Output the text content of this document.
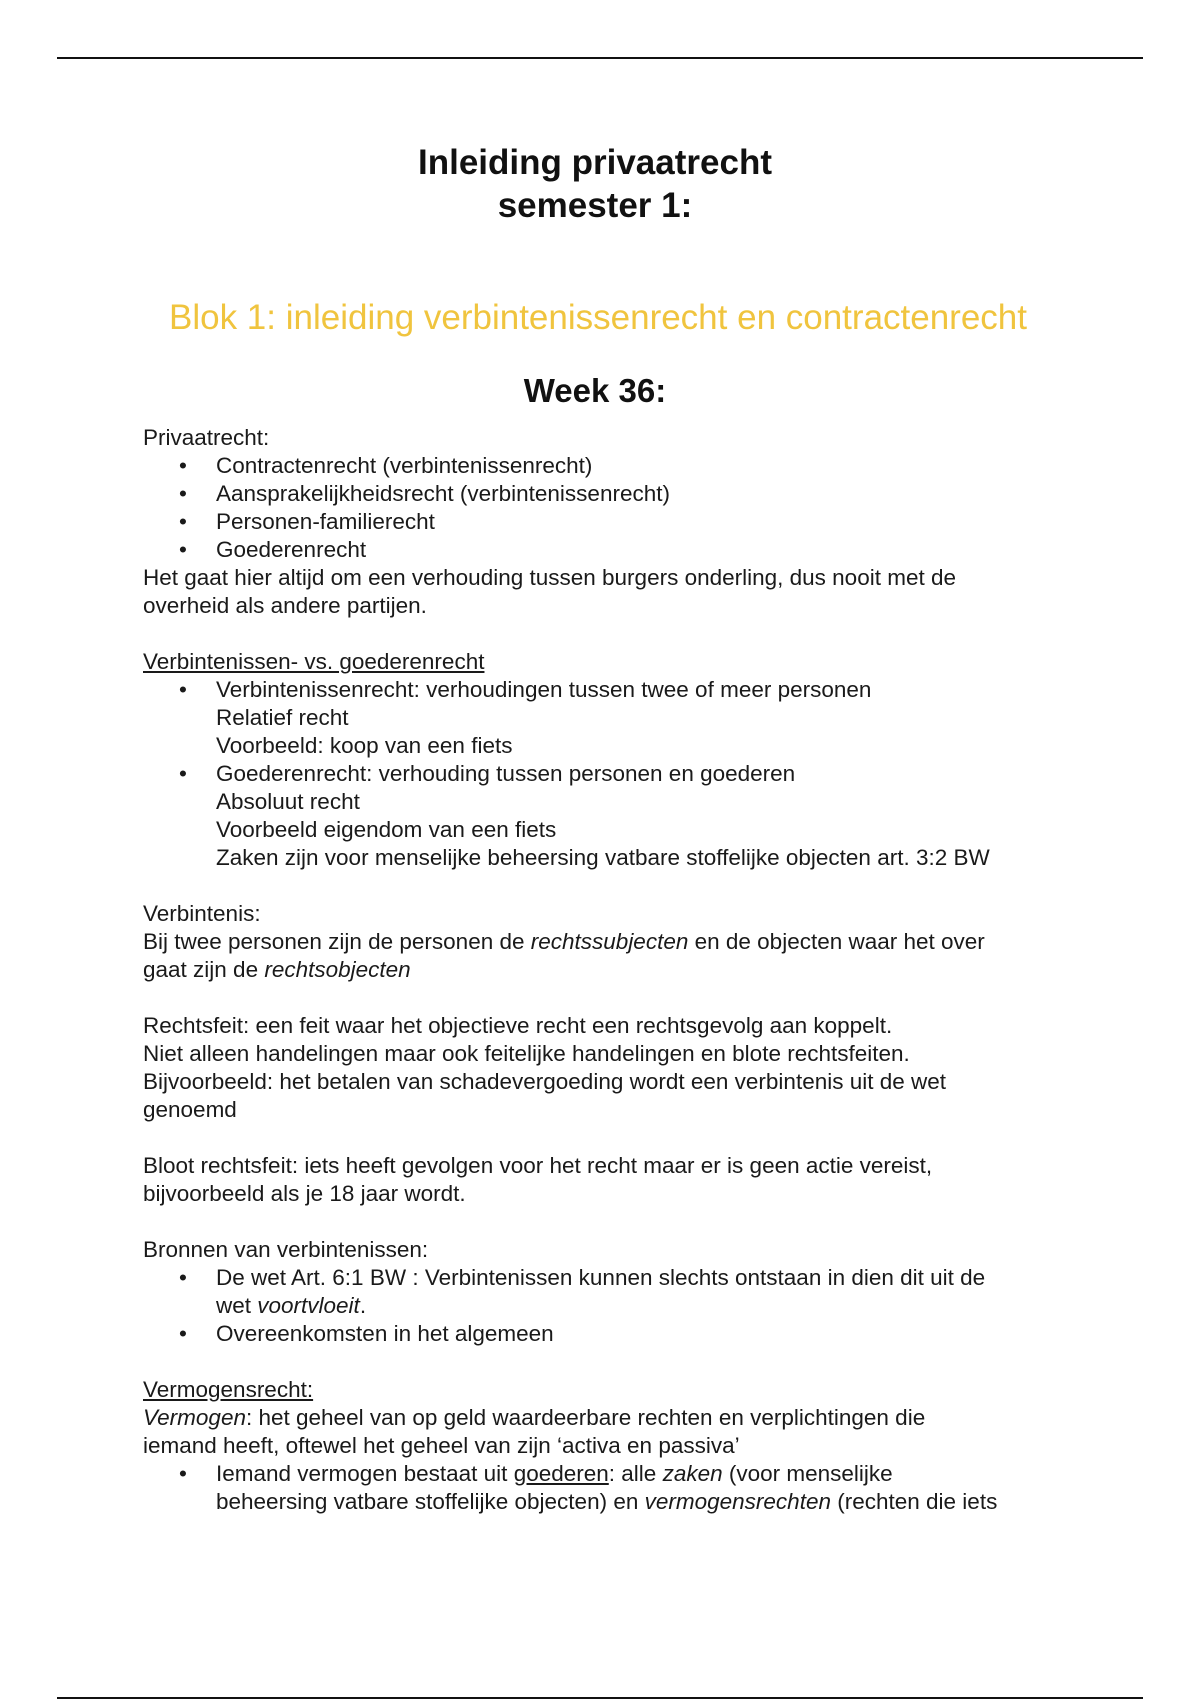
Inleiding privaatrecht
semester 1:
Blok 1: inleiding verbintenissenrecht en contractenrecht
Week 36:
Privaatrecht:
• Contractenrecht (verbintenissenrecht)
• Aansprakelijkheidsrecht (verbintenissenrecht)
• Personen-familierecht
• Goederenrecht
Het gaat hier altijd om een verhouding tussen burgers onderling, dus nooit met de
overheid als andere partijen.
Verbintenissen- vs. goederenrecht
• Verbintenissenrecht: verhoudingen tussen twee of meer personen
Relatief recht
Voorbeeld: koop van een fiets
• Goederenrecht: verhouding tussen personen en goederen
Absoluut recht
Voorbeeld eigendom van een fiets
Zaken zijn voor menselijke beheersing vatbare stoffelijke objecten art. 3:2 BW
Verbintenis:
Bij twee personen zijn de personen de rechtssubjecten en de objecten waar het over
gaat zijn de rechtsobjecten
Rechtsfeit: een feit waar het objectieve recht een rechtsgevolg aan koppelt.
Niet alleen handelingen maar ook feitelijke handelingen en blote rechtsfeiten.
Bijvoorbeeld: het betalen van schadevergoeding wordt een verbintenis uit de wet
genoemd
Bloot rechtsfeit: iets heeft gevolgen voor het recht maar er is geen actie vereist,
bijvoorbeeld als je 18 jaar wordt.
Bronnen van verbintenissen:
• De wet Art. 6:1 BW : Verbintenissen kunnen slechts ontstaan in dien dit uit de
wet voortvloeit.
• Overeenkomsten in het algemeen
Vermogensrecht:
Vermogen: het geheel van op geld waardeerbare rechten en verplichtingen die
iemand heeft, oftewel het geheel van zijn ‘activa en passiva’
• Iemand vermogen bestaat uit goederen: alle zaken (voor menselijke
beheersing vatbare stoffelijke objecten) en vermogensrechten (rechten die iets
